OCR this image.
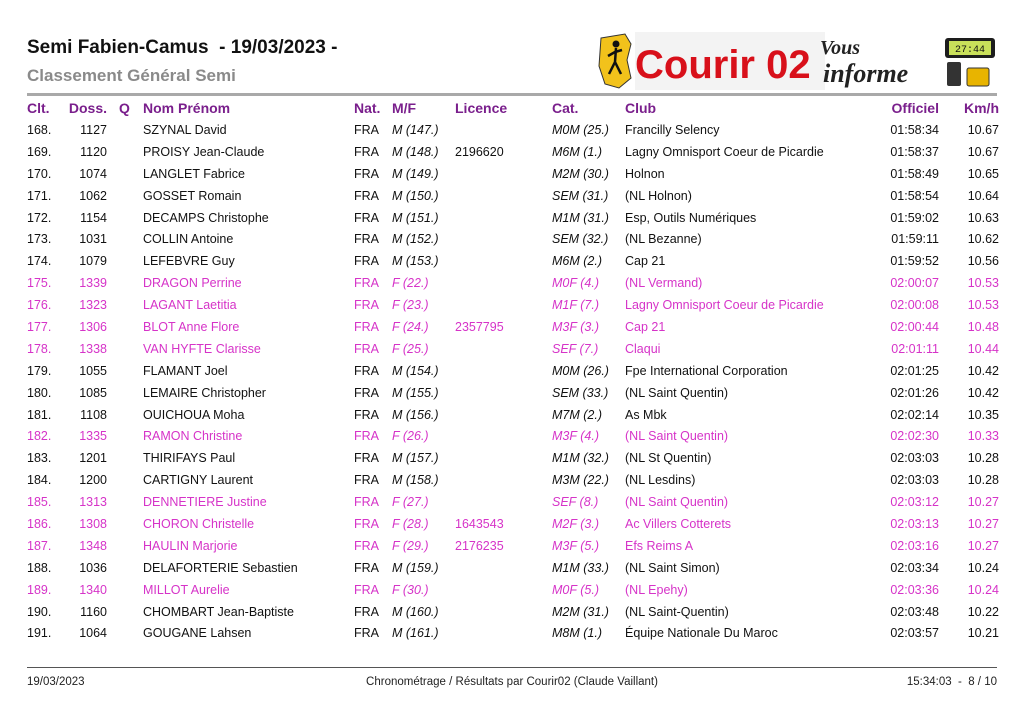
Semi Fabien-Camus  - 19/03/2023 -
Classement Général Semi	Courir 02 Vous
informe
27:44
Clt.	Doss.	Q	Nom Prénom	Nat.	M/F	Licence	Cat.	Club	Officiel	Km/h
168.	1127		SZYNAL David	FRA	M (147.)		M0M (25.)	Francilly Selency	01:58:34	10.67
169.	1120		PROISY Jean-Claude	FRA	M (148.)	2196620	M6M (1.)	Lagny Omnisport Coeur de Picardie	01:58:37	10.67
170.	1074		LANGLET Fabrice	FRA	M (149.)		M2M (30.)	Holnon	01:58:49	10.65
171.	1062		GOSSET Romain	FRA	M (150.)		SEM (31.)	(NL Holnon)	01:58:54	10.64
172.	1154		DECAMPS Christophe	FRA	M (151.)		M1M (31.)	Esp, Outils Numériques	01:59:02	10.63
173.	1031		COLLIN Antoine	FRA	M (152.)		SEM (32.)	(NL Bezanne)	01:59:11	10.62
174.	1079		LEFEBVRE Guy	FRA	M (153.)		M6M (2.)	Cap 21	01:59:52	10.56
175.	1339		DRAGON Perrine	FRA	F (22.)		M0F (4.)	(NL Vermand)	02:00:07	10.53
176.	1323		LAGANT Laetitia	FRA	F (23.)		M1F (7.)	Lagny Omnisport Coeur de Picardie	02:00:08	10.53
177.	1306		BLOT Anne Flore	FRA	F (24.)	2357795	M3F (3.)	Cap 21	02:00:44	10.48
178.	1338		VAN HYFTE Clarisse	FRA	F (25.)		SEF (7.)	Claqui	02:01:11	10.44
179.	1055		FLAMANT Joel	FRA	M (154.)		M0M (26.)	Fpe International Corporation	02:01:25	10.42
180.	1085		LEMAIRE Christopher	FRA	M (155.)		SEM (33.)	(NL Saint Quentin)	02:01:26	10.42
181.	1108		OUICHOUA Moha	FRA	M (156.)		M7M (2.)	As Mbk	02:02:14	10.35
182.	1335		RAMON Christine	FRA	F (26.)		M3F (4.)	(NL Saint Quentin)	02:02:30	10.33
183.	1201		THIRIFAYS Paul	FRA	M (157.)		M1M (32.)	(NL St Quentin)	02:03:03	10.28
184.	1200		CARTIGNY Laurent	FRA	M (158.)		M3M (22.)	(NL Lesdins)	02:03:03	10.28
185.	1313		DENNETIERE Justine	FRA	F (27.)		SEF (8.)	(NL Saint Quentin)	02:03:12	10.27
186.	1308		CHORON Christelle	FRA	F (28.)	1643543	M2F (3.)	Ac Villers Cotterets	02:03:13	10.27
187.	1348		HAULIN Marjorie	FRA	F (29.)	2176235	M3F (5.)	Efs Reims A	02:03:16	10.27
188.	1036		DELAFORTERIE Sebastien	FRA	M (159.)		M1M (33.)	(NL Saint Simon)	02:03:34	10.24
189.	1340		MILLOT Aurelie	FRA	F (30.)		M0F (5.)	(NL Epehy)	02:03:36	10.24
190.	1160		CHOMBART Jean-Baptiste	FRA	M (160.)		M2M (31.)	(NL Saint-Quentin)	02:03:48	10.22
191.	1064		GOUGANE Lahsen	FRA	M (161.)		M8M (1.)	Équipe Nationale Du Maroc	02:03:57	10.21
19/03/2023	Chronométrage / Résultats par Courir02 (Claude Vaillant)	15:34:03  -  8 / 10
